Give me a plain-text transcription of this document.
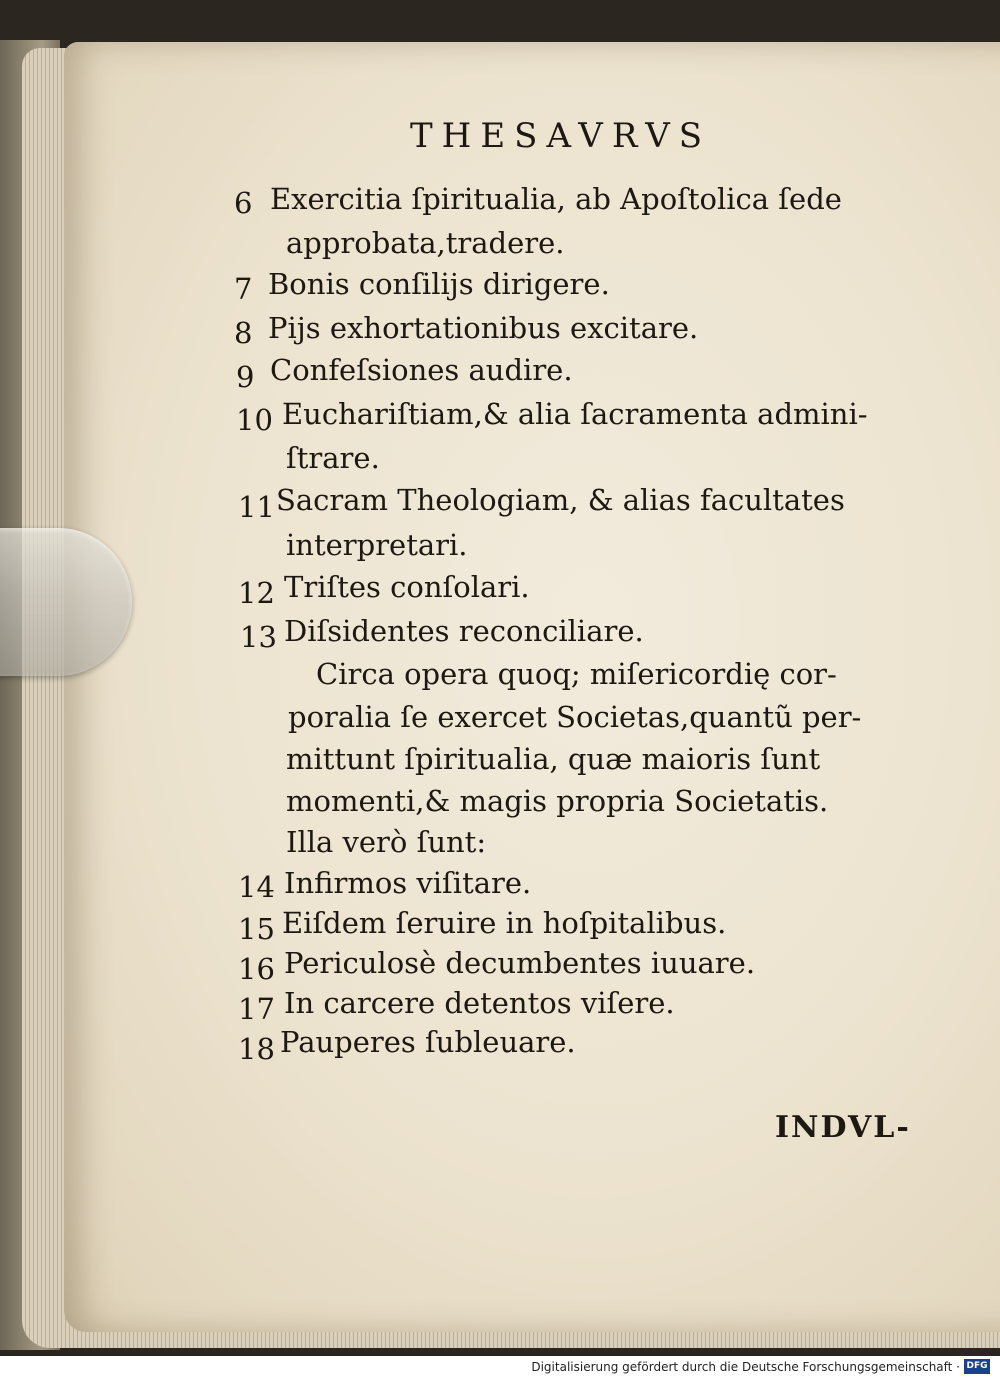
THESAVRVS
6 Exercitia ſpiritualia, ab Apoſtolica ſede
approbata,tradere.
7 Bonis conſilijs dirigere.
8 Pijs exhortationibus excitare.
9 Confeſsiones audire.
10 Euchariſtiam,& alia ſacramenta admini-
ſtrare.
11 Sacram Theologiam, & alias facultates
interpretari.
12 Triſtes conſolari.
13 Diſsidentes reconciliare.
Circa opera quoq; miſericordię cor-
poralia ſe exercet Societas,quantũ per-
mittunt ſpiritualia, quæ maioris ſunt
momenti,& magis propria Societatis.
Illa verò ſunt:
14 Infirmos viſitare.
15 Eiſdem ſeruire in hoſpitalibus.
16 Periculosè decumbentes iuuare.
17 In carcere detentos viſere.
18 Pauperes ſubleuare.
INDVL-
Digitalisierung gefördert durch die Deutsche Forschungsgemeinschaft · DFG
